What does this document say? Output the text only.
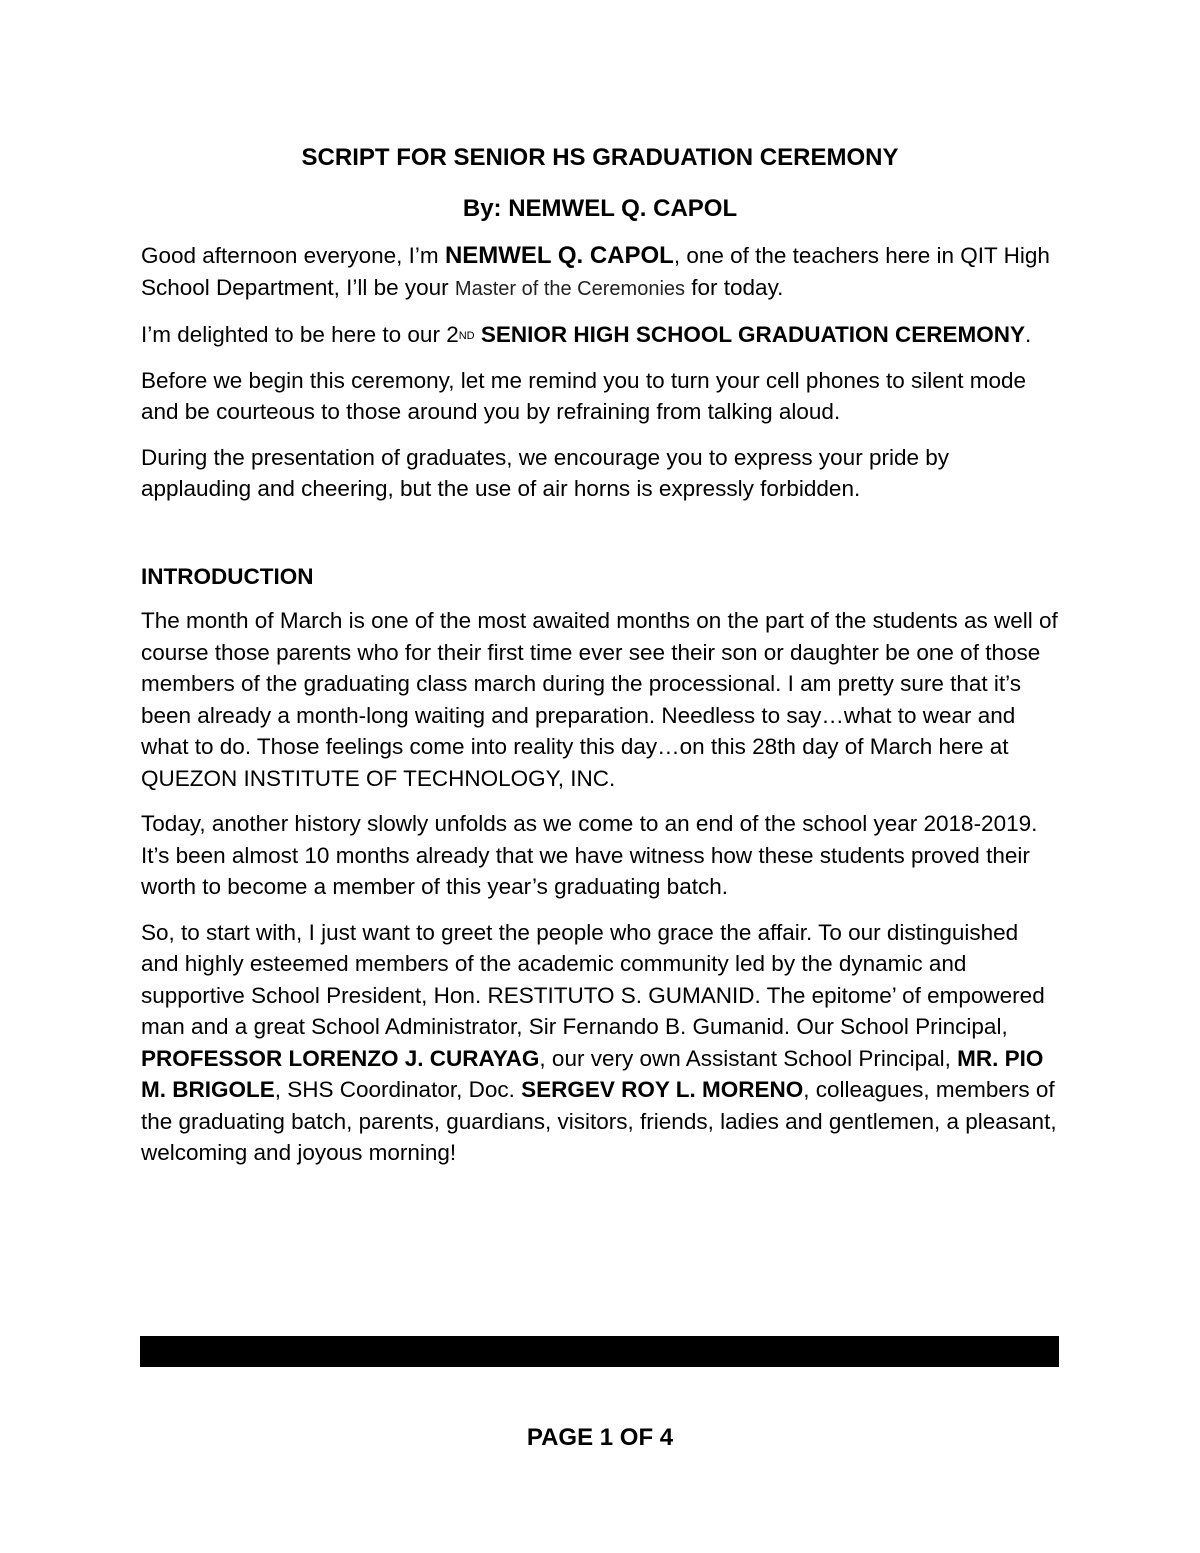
SCRIPT FOR SENIOR HS GRADUATION CEREMONY
By: NEMWEL Q. CAPOL

Good afternoon everyone, I’m NEMWEL Q. CAPOL, one of the teachers here in QIT High School Department, I’ll be your Master of the Ceremonies for today.

I’m delighted to be here to our 2ND SENIOR HIGH SCHOOL GRADUATION CEREMONY.

Before we begin this ceremony, let me remind you to turn your cell phones to silent mode and be courteous to those around you by refraining from talking aloud.

During the presentation of graduates, we encourage you to express your pride by applauding and cheering, but the use of air horns is expressly forbidden.

INTRODUCTION

The month of March is one of the most awaited months on the part of the students as well of course those parents who for their first time ever see their son or daughter be one of those members of the graduating class march during the processional. I am pretty sure that it’s been already a month-long waiting and preparation. Needless to say…what to wear and what to do. Those feelings come into reality this day…on this 28th day of March here at QUEZON INSTITUTE OF TECHNOLOGY, INC.

Today, another history slowly unfolds as we come to an end of the school year 2018-2019. It’s been almost 10 months already that we have witness how these students proved their worth to become a member of this year’s graduating batch.

So, to start with, I just want to greet the people who grace the affair. To our distinguished and highly esteemed members of the academic community led by the dynamic and supportive School President, Hon. RESTITUTO S. GUMANID. The epitome’ of empowered man and a great School Administrator, Sir Fernando B. Gumanid. Our School Principal, PROFESSOR LORENZO J. CURAYAG, our very own Assistant School Principal, MR. PIO M. BRIGOLE, SHS Coordinator, Doc. SERGEV ROY L. MORENO, colleagues, members of the graduating batch, parents, guardians, visitors, friends, ladies and gentlemen, a pleasant, welcoming and joyous morning!

PAGE 1 OF 4
